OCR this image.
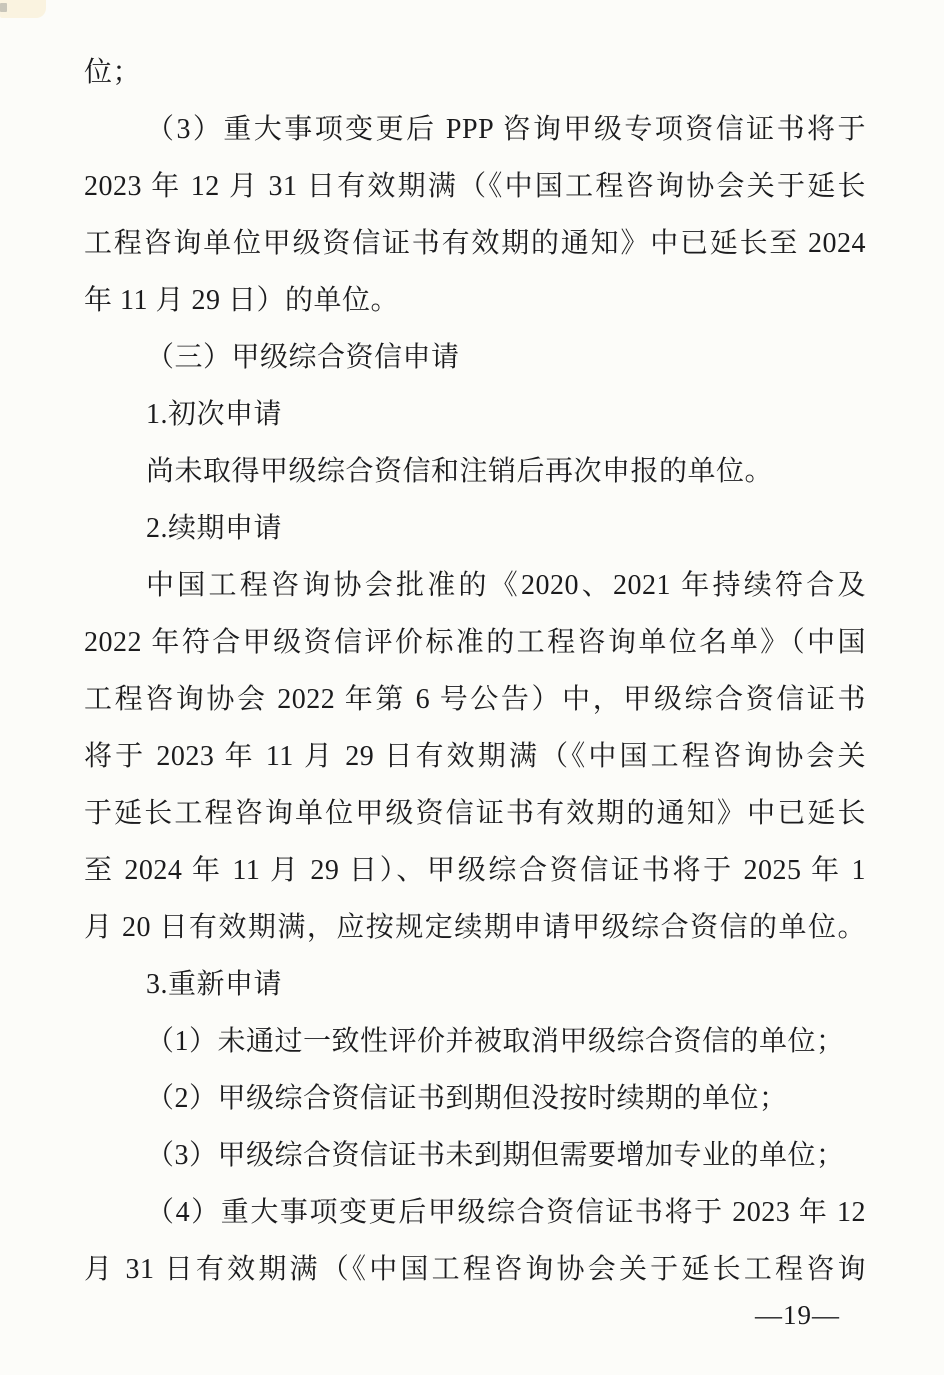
位；
（3）重大事项变更后 PPP 咨询甲级专项资信证书将于
2023 年 12 月 31 日有效期满（《中国工程咨询协会关于延长
工程咨询单位甲级资信证书有效期的通知》中已延长至 2024
年 11 月 29 日）的单位。
（三）甲级综合资信申请
1.初次申请
尚未取得甲级综合资信和注销后再次申报的单位。
2.续期申请
中国工程咨询协会批准的《2020、2021 年持续符合及
2022 年符合甲级资信评价标准的工程咨询单位名单》（中国
工程咨询协会 2022 年第 6 号公告）中，甲级综合资信证书
将于 2023 年 11 月 29 日有效期满（《中国工程咨询协会关
于延长工程咨询单位甲级资信证书有效期的通知》中已延长
至 2024 年 11 月 29 日）、甲级综合资信证书将于 2025 年 1
月 20 日有效期满，应按规定续期申请甲级综合资信的单位。
3.重新申请
（1）未通过一致性评价并被取消甲级综合资信的单位；
（2）甲级综合资信证书到期但没按时续期的单位；
（3）甲级综合资信证书未到期但需要增加专业的单位；
（4）重大事项变更后甲级综合资信证书将于 2023 年 12
月 31 日有效期满（《中国工程咨询协会关于延长工程咨询
—19—
